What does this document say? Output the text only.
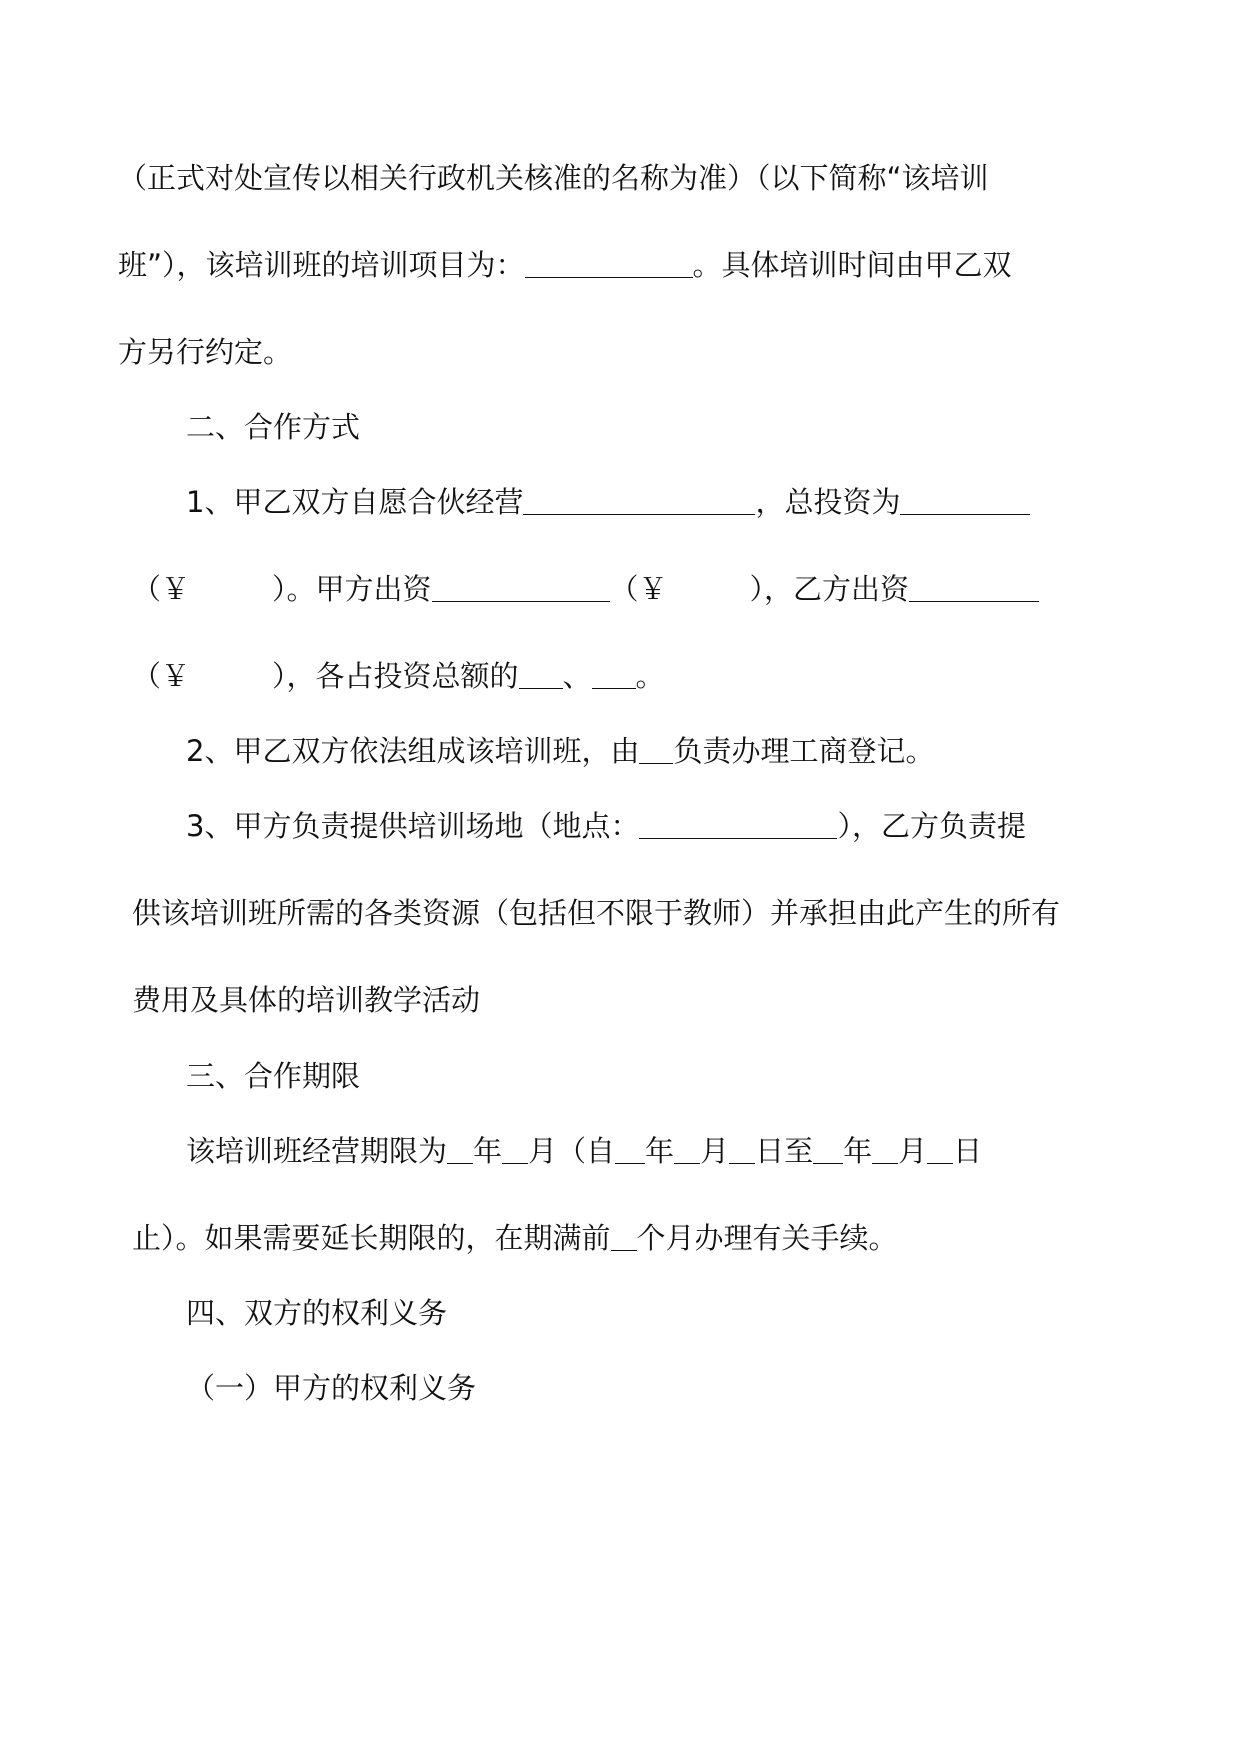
（正式对处宣传以相关行政机关核准的名称为准）（以下简称“该培训
班”），该培训班的培训项目为：	。具体培训时间由甲乙双
方另行约定。
二、合作方式
1、甲乙双方自愿合伙经营	，总投资为
（￥	）。甲方出资	（￥	），乙方出资
（￥	），各占投资总额的 、 。
2、甲乙双方依法组成该培训班，由 负责办理工商登记。
3、甲方负责提供培训场地（地点：	），乙方负责提
供该培训班所需的各类资源（包括但不限于教师）并承担由此产生的所有
费用及具体的培训教学活动
三、合作期限
该培训班经营期限为 年 月（自 年 月 日至 年 月 日
止）。如果需要延长期限的，在期满前 个月办理有关手续。
四、双方的权利义务
（一）甲方的权利义务
